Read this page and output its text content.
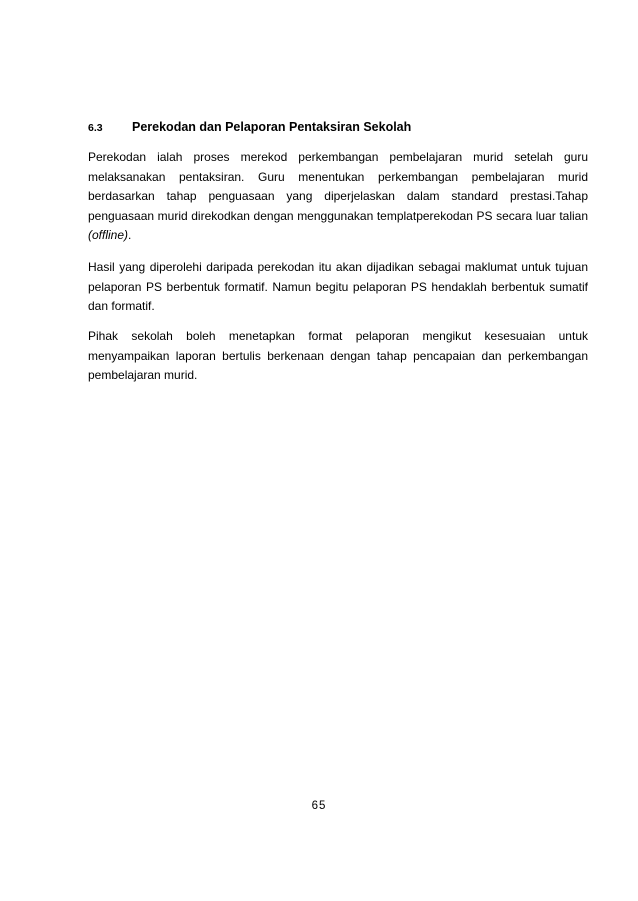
6.3 Perekodan dan Pelaporan Pentaksiran Sekolah

Perekodan ialah proses merekod perkembangan pembelajaran murid setelah guru melaksanakan pentaksiran. Guru menentukan perkembangan pembelajaran murid berdasarkan tahap penguasaan yang diperjelaskan dalam standard prestasi.Tahap penguasaan murid direkodkan dengan menggunakan templatperekodan PS secara luar talian (offline).

Hasil yang diperolehi daripada perekodan itu akan dijadikan sebagai maklumat untuk tujuan pelaporan PS berbentuk formatif. Namun begitu pelaporan PS hendaklah berbentuk sumatif dan formatif.

Pihak sekolah boleh menetapkan format pelaporan mengikut kesesuaian untuk menyampaikan laporan bertulis berkenaan dengan tahap pencapaian dan perkembangan pembelajaran murid.

65
